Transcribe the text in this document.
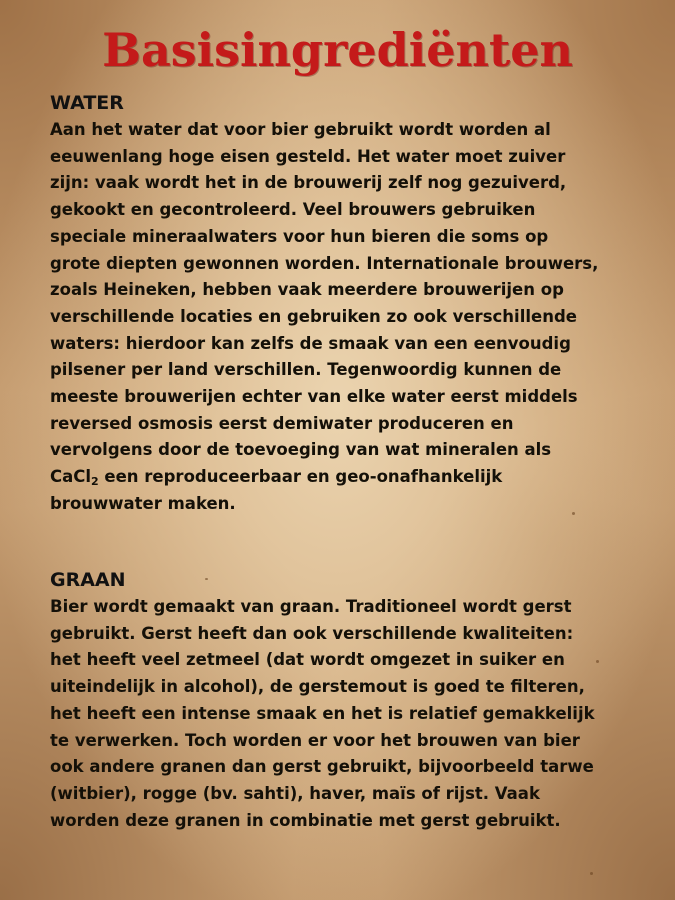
Basisingrediënten
WATER
Aan het water dat voor bier gebruikt wordt worden al
eeuwenlang hoge eisen gesteld. Het water moet zuiver
zijn: vaak wordt het in de brouwerij zelf nog gezuiverd,
gekookt en gecontroleerd. Veel brouwers gebruiken
speciale mineraalwaters voor hun bieren die soms op
grote diepten gewonnen worden. Internationale brouwers,
zoals Heineken, hebben vaak meerdere brouwerijen op
verschillende locaties en gebruiken zo ook verschillende
waters: hierdoor kan zelfs de smaak van een eenvoudig
pilsener per land verschillen. Tegenwoordig kunnen de
meeste brouwerijen echter van elke water eerst middels
reversed osmosis eerst demiwater produceren en
vervolgens door de toevoeging van wat mineralen als
CaCl$_2$ een reproduceerbaar en geo-onafhankelijk
brouwwater maken.
GRAAN
Bier wordt gemaakt van graan. Traditioneel wordt gerst
gebruikt. Gerst heeft dan ook verschillende kwaliteiten:
het heeft veel zetmeel (dat wordt omgezet in suiker en
uiteindelijk in alcohol), de gerstemout is goed te filteren,
het heeft een intense smaak en het is relatief gemakkelijk
te verwerken. Toch worden er voor het brouwen van bier
ook andere granen dan gerst gebruikt, bijvoorbeeld tarwe
(witbier), rogge (bv. sahti), haver, maïs of rijst. Vaak
worden deze granen in combinatie met gerst gebruikt.
